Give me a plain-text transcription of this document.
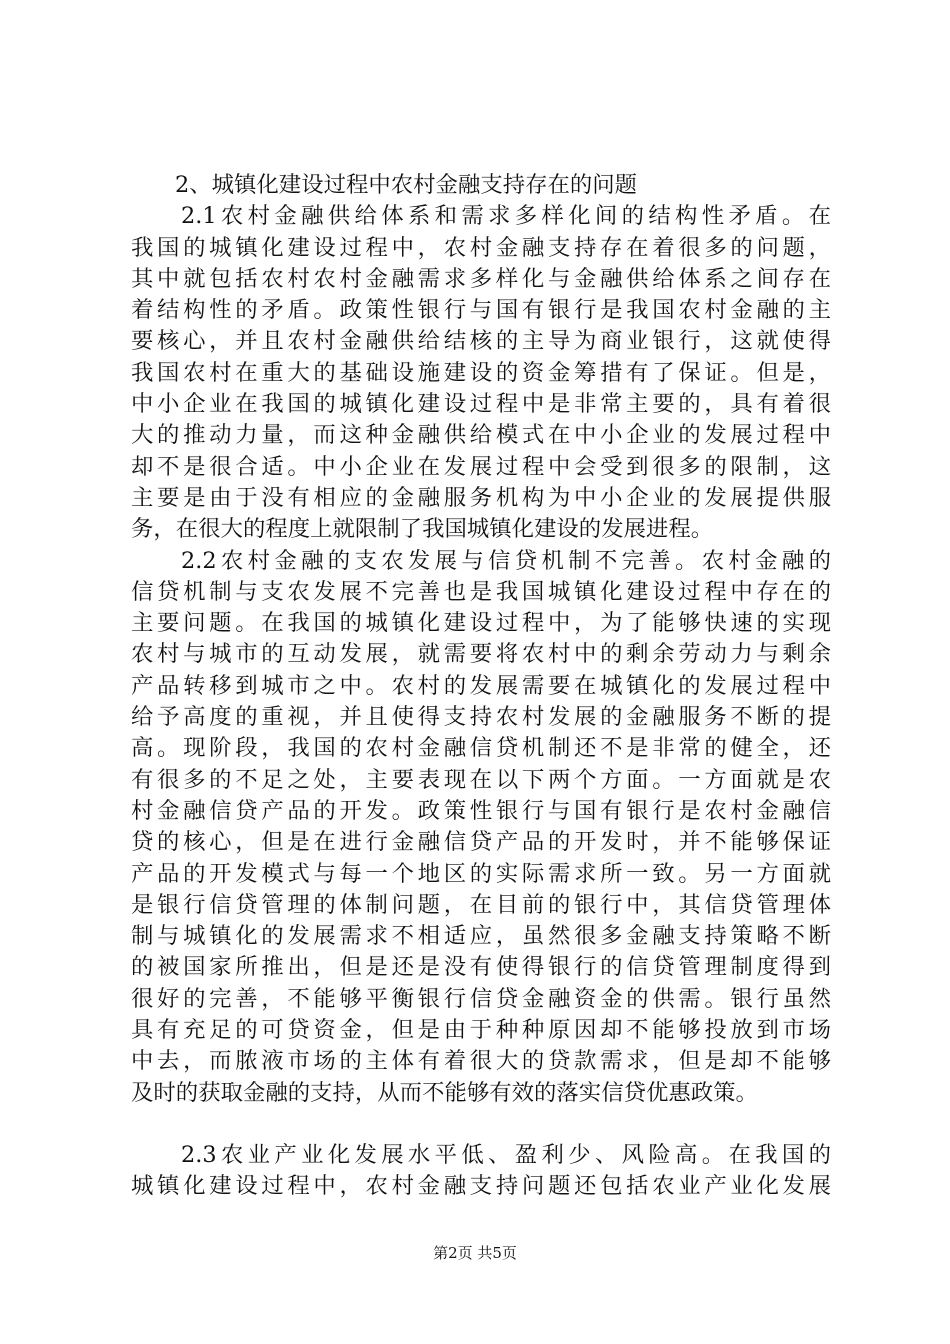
2、城镇化建设过程中农村金融支持存在的问题
2.1农村金融供给体系和需求多样化间的结构性矛盾。在
我国的城镇化建设过程中，农村金融支持存在着很多的问题，
其中就包括农村农村金融需求多样化与金融供给体系之间存在
着结构性的矛盾。政策性银行与国有银行是我国农村金融的主
要核心，并且农村金融供给结核的主导为商业银行，这就使得
我国农村在重大的基础设施建设的资金筹措有了保证。但是，
中小企业在我国的城镇化建设过程中是非常主要的，具有着很
大的推动力量，而这种金融供给模式在中小企业的发展过程中
却不是很合适。中小企业在发展过程中会受到很多的限制，这
主要是由于没有相应的金融服务机构为中小企业的发展提供服
务，在很大的程度上就限制了我国城镇化建设的发展进程。
2.2农村金融的支农发展与信贷机制不完善。农村金融的
信贷机制与支农发展不完善也是我国城镇化建设过程中存在的
主要问题。在我国的城镇化建设过程中，为了能够快速的实现
农村与城市的互动发展，就需要将农村中的剩余劳动力与剩余
产品转移到城市之中。农村的发展需要在城镇化的发展过程中
给予高度的重视，并且使得支持农村发展的金融服务不断的提
高。现阶段，我国的农村金融信贷机制还不是非常的健全，还
有很多的不足之处，主要表现在以下两个方面。一方面就是农
村金融信贷产品的开发。政策性银行与国有银行是农村金融信
贷的核心，但是在进行金融信贷产品的开发时，并不能够保证
产品的开发模式与每一个地区的实际需求所一致。另一方面就
是银行信贷管理的体制问题，在目前的银行中，其信贷管理体
制与城镇化的发展需求不相适应，虽然很多金融支持策略不断
的被国家所推出，但是还是没有使得银行的信贷管理制度得到
很好的完善，不能够平衡银行信贷金融资金的供需。银行虽然
具有充足的可贷资金，但是由于种种原因却不能够投放到市场
中去，而脓液市场的主体有着很大的贷款需求，但是却不能够
及时的获取金融的支持，从而不能够有效的落实信贷优惠政策。
2.3农业产业化发展水平低、盈利少、风险高。在我国的
城镇化建设过程中，农村金融支持问题还包括农业产业化发展
第2页 共5页
